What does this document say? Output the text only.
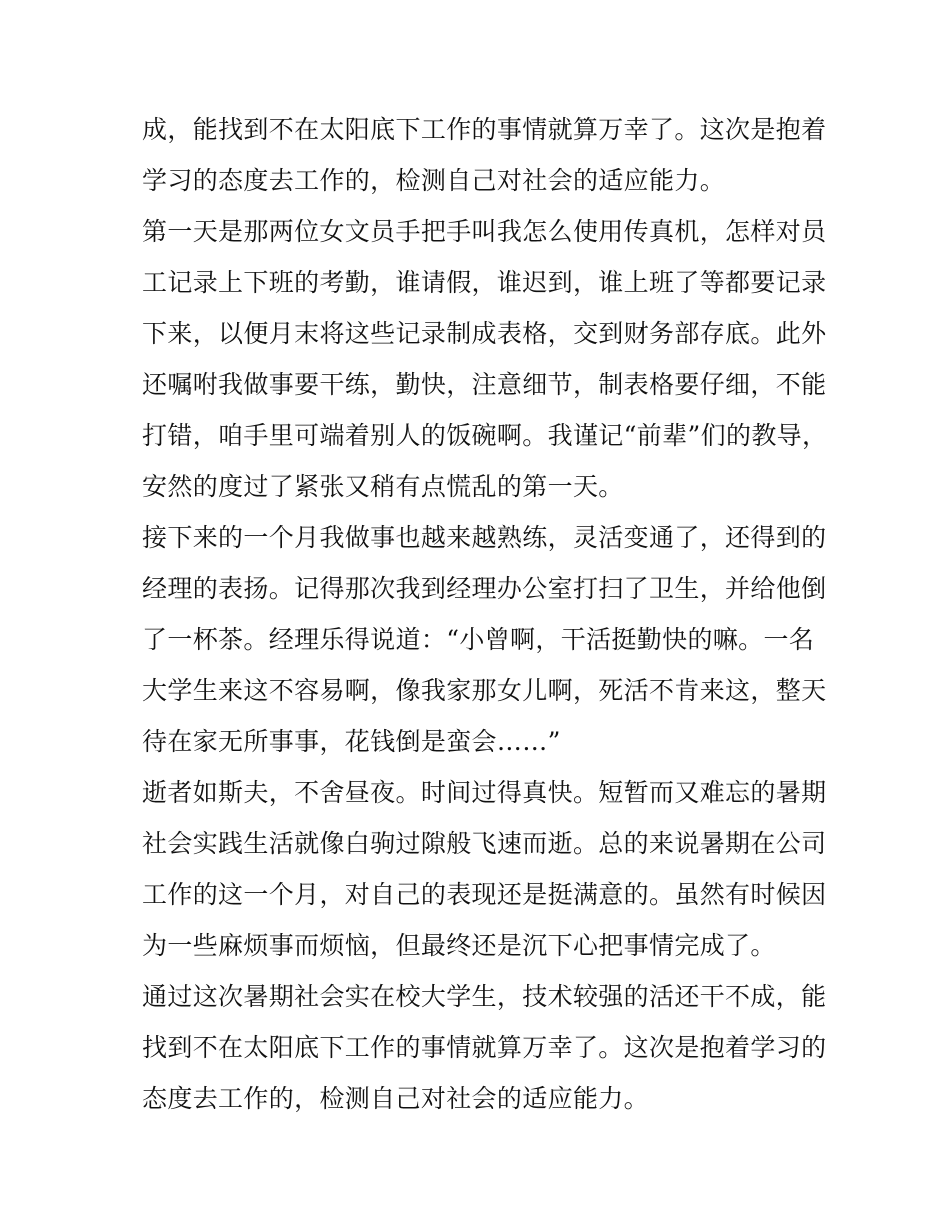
成，能找到不在太阳底下工作的事情就算万幸了。这次是抱着
学习的态度去工作的，检测自己对社会的适应能力。
第一天是那两位女文员手把手叫我怎么使用传真机，怎样对员
工记录上下班的考勤，谁请假，谁迟到，谁上班了等都要记录
下来，以便月末将这些记录制成表格，交到财务部存底。此外
还嘱咐我做事要干练，勤快，注意细节，制表格要仔细，不能
打错，咱手里可端着别人的饭碗啊。我谨记“前辈”们的教导，
安然的度过了紧张又稍有点慌乱的第一天。
接下来的一个月我做事也越来越熟练，灵活变通了，还得到的
经理的表扬。记得那次我到经理办公室打扫了卫生，并给他倒
了一杯茶。经理乐得说道：“小曾啊，干活挺勤快的嘛。一名
大学生来这不容易啊，像我家那女儿啊，死活不肯来这，整天
待在家无所事事，花钱倒是蛮会……”
逝者如斯夫，不舍昼夜。时间过得真快。短暂而又难忘的暑期
社会实践生活就像白驹过隙般飞速而逝。总的来说暑期在公司
工作的这一个月，对自己的表现还是挺满意的。虽然有时候因
为一些麻烦事而烦恼，但最终还是沉下心把事情完成了。
通过这次暑期社会实在校大学生，技术较强的活还干不成，能
找到不在太阳底下工作的事情就算万幸了。这次是抱着学习的
态度去工作的，检测自己对社会的适应能力。
